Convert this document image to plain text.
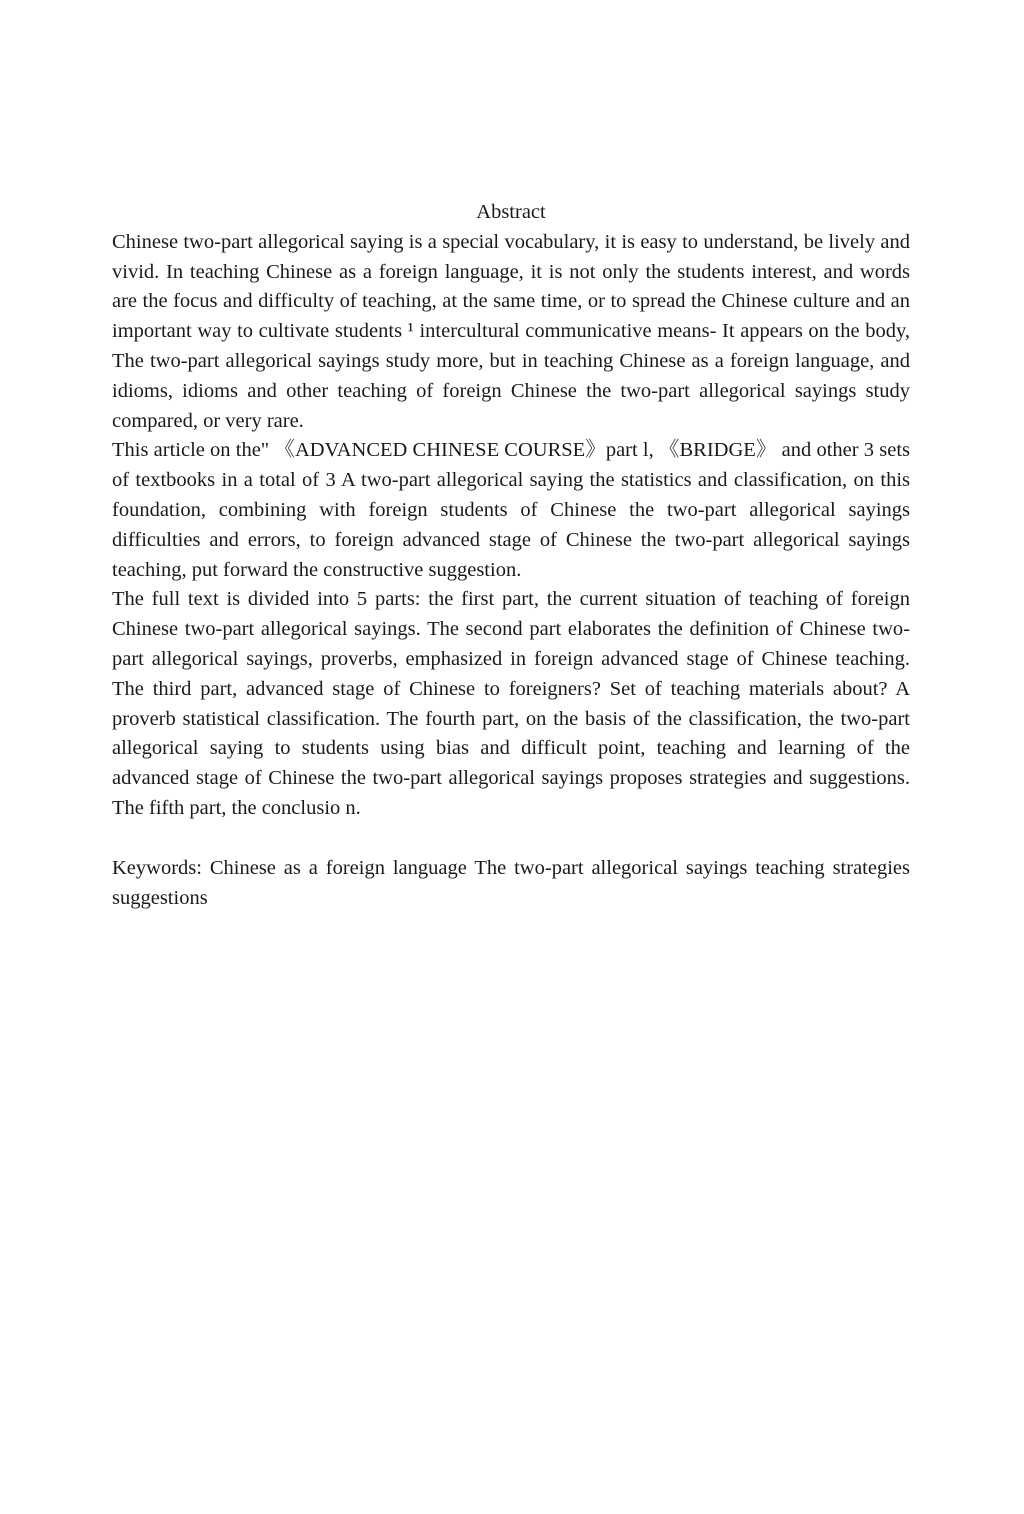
Abstract

Chinese two-part allegorical saying is a special vocabulary, it is easy to understand, be lively and vivid. In teaching Chinese as a foreign language, it is not only the students interest, and words are the focus and difficulty of teaching, at the same time, or to spread the Chinese culture and an important way to cultivate students ¹ intercultural communicative means- It appears on the body, The two-part allegorical sayings study more, but in teaching Chinese as a foreign language, and idioms, idioms and other teaching of foreign Chinese the two-part allegorical sayings study compared, or very rare.

This article on the" 《ADVANCED CHINESE COURSE》part l, 《BRIDGE》 and other 3 sets of textbooks in a total of 3 A two-part allegorical saying the statistics and classification, on this foundation, combining with foreign students of Chinese the two-part allegorical sayings difficulties and errors, to foreign advanced stage of Chinese the two-part allegorical sayings teaching, put forward the constructive suggestion.

The full text is divided into 5 parts: the first part, the current situation of teaching of foreign Chinese two-part allegorical sayings. The second part elaborates the definition of Chinese two-part allegorical sayings, proverbs, emphasized in foreign advanced stage of Chinese teaching. The third part, advanced stage of Chinese to foreigners? Set of teaching materials about? A proverb statistical classification. The fourth part, on the basis of the classification, the two-part allegorical saying to students using bias and difficult point, teaching and learning of the advanced stage of Chinese the two-part allegorical sayings proposes strategies and suggestions. The fifth part, the conclusio n.

Keywords: Chinese as a foreign language The two-part allegorical sayings teaching strategies suggestions
